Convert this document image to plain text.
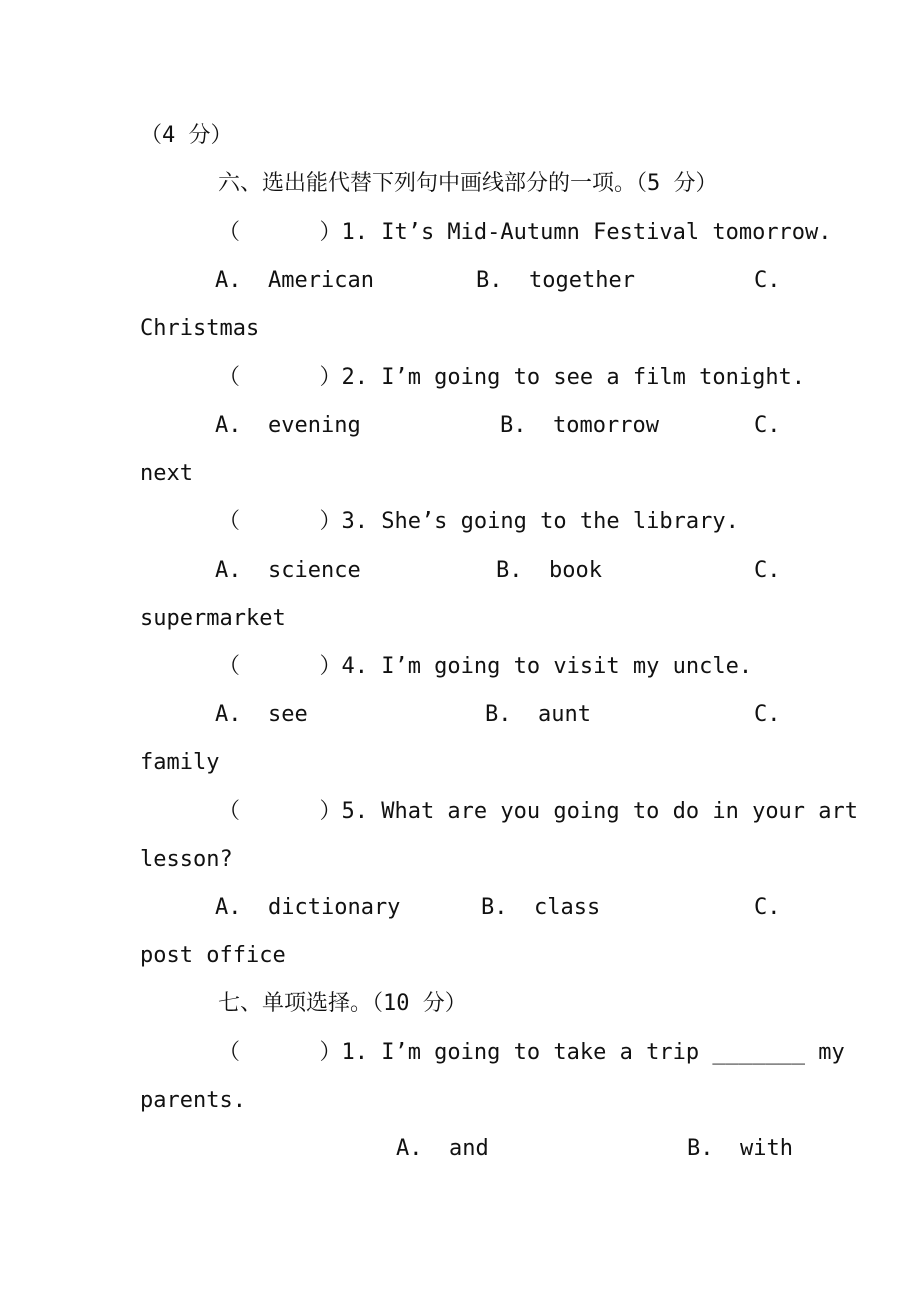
（4 分）

六、选出能代替下列句中画线部分的一项。（5 分）

（      ）1. It’s Mid-Autumn Festival tomorrow.

A.  American	B.  together	C.

Christmas

（      ）2. I’m going to see a film tonight.

A.  evening	B.  tomorrow	C.

next

（      ）3. She’s going to the library.

A.  science	B.  book	C.

supermarket

（      ）4. I’m going to visit my uncle.

A.  see	B.  aunt	C.

family

（      ）5. What are you going to do in your art

lesson?

A.  dictionary	B.  class	C.

post office

七、单项选择。（10 分）

（      ）1. I’m going to take a trip _______ my

parents.

A.  and	B.  with
